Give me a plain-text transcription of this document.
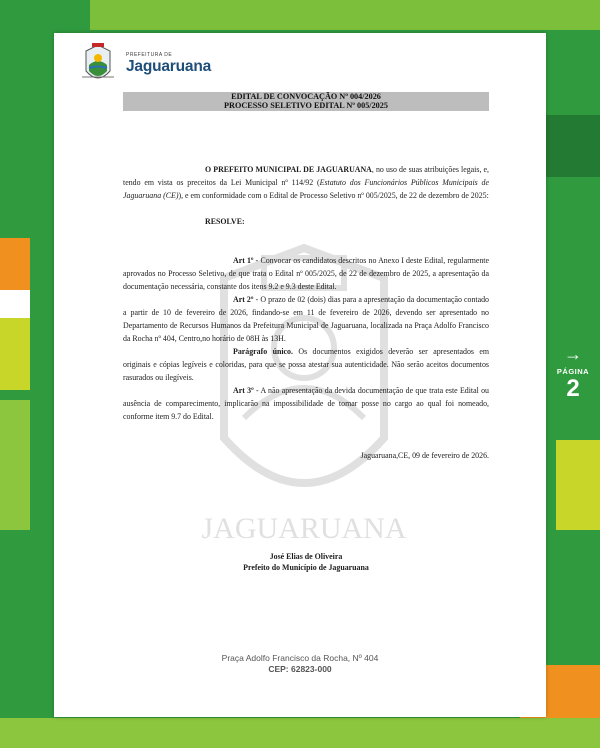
PREFEITURA DE
Jaguaruana
EDITAL DE CONVOCAÇÃO Nº 004/2026
PROCESSO SELETIVO EDITAL Nº 005/2025
JAGUARUANA

O PREFEITO MUNICIPAL DE JAGUARUANA, no uso de suas atribuições legais, e, tendo em vista os preceitos da Lei Municipal nº 114/92 (Estatuto dos Funcionários Públicos Municipais de Jaguaruana (CE)), e em conformidade com o Edital de Processo Seletivo nº 005/2025, de 22 de dezembro de 2025:

RESOLVE:

Art 1º - Convocar os candidatos descritos no Anexo I deste Edital, regularmente aprovados no Processo Seletivo, de que trata o Edital nº 005/2025, de 22 de dezembro de 2025, a apresentação da documentação necessária, constante dos itens 9.2 e 9.3 deste Edital.

Art 2º - O prazo de 02 (dois) dias para a apresentação da documentação contado a partir de 10 de fevereiro de 2026, findando-se em 11 de fevereiro de 2026, devendo ser apresentado no Departamento de Recursos Humanos da Prefeitura Municipal de Jaguaruana, localizada na Praça Adolfo Francisco da Rocha nº 404, Centro,no horário de 08H às 13H.

Parágrafo único. Os documentos exigidos deverão ser apresentados em originais e cópias legíveis e coloridas, para que se possa atestar sua autenticidade. Não serão aceitos documentos rasurados ou ilegíveis.

Art 3º - A não apresentação da devida documentação de que trata este Edital ou ausência de comparecimento, implicarão na impossibilidade de tomar posse no cargo ao qual foi nomeado, conforme item 9.7 do Edital.

Jaguaruana,CE, 09 de fevereiro de 2026.

José Elias de Oliveira
Prefeito do Município de Jaguaruana
Praça Adolfo Francisco da Rocha, Nº 404
CEP: 62823-000
→
PÁGINA
2
